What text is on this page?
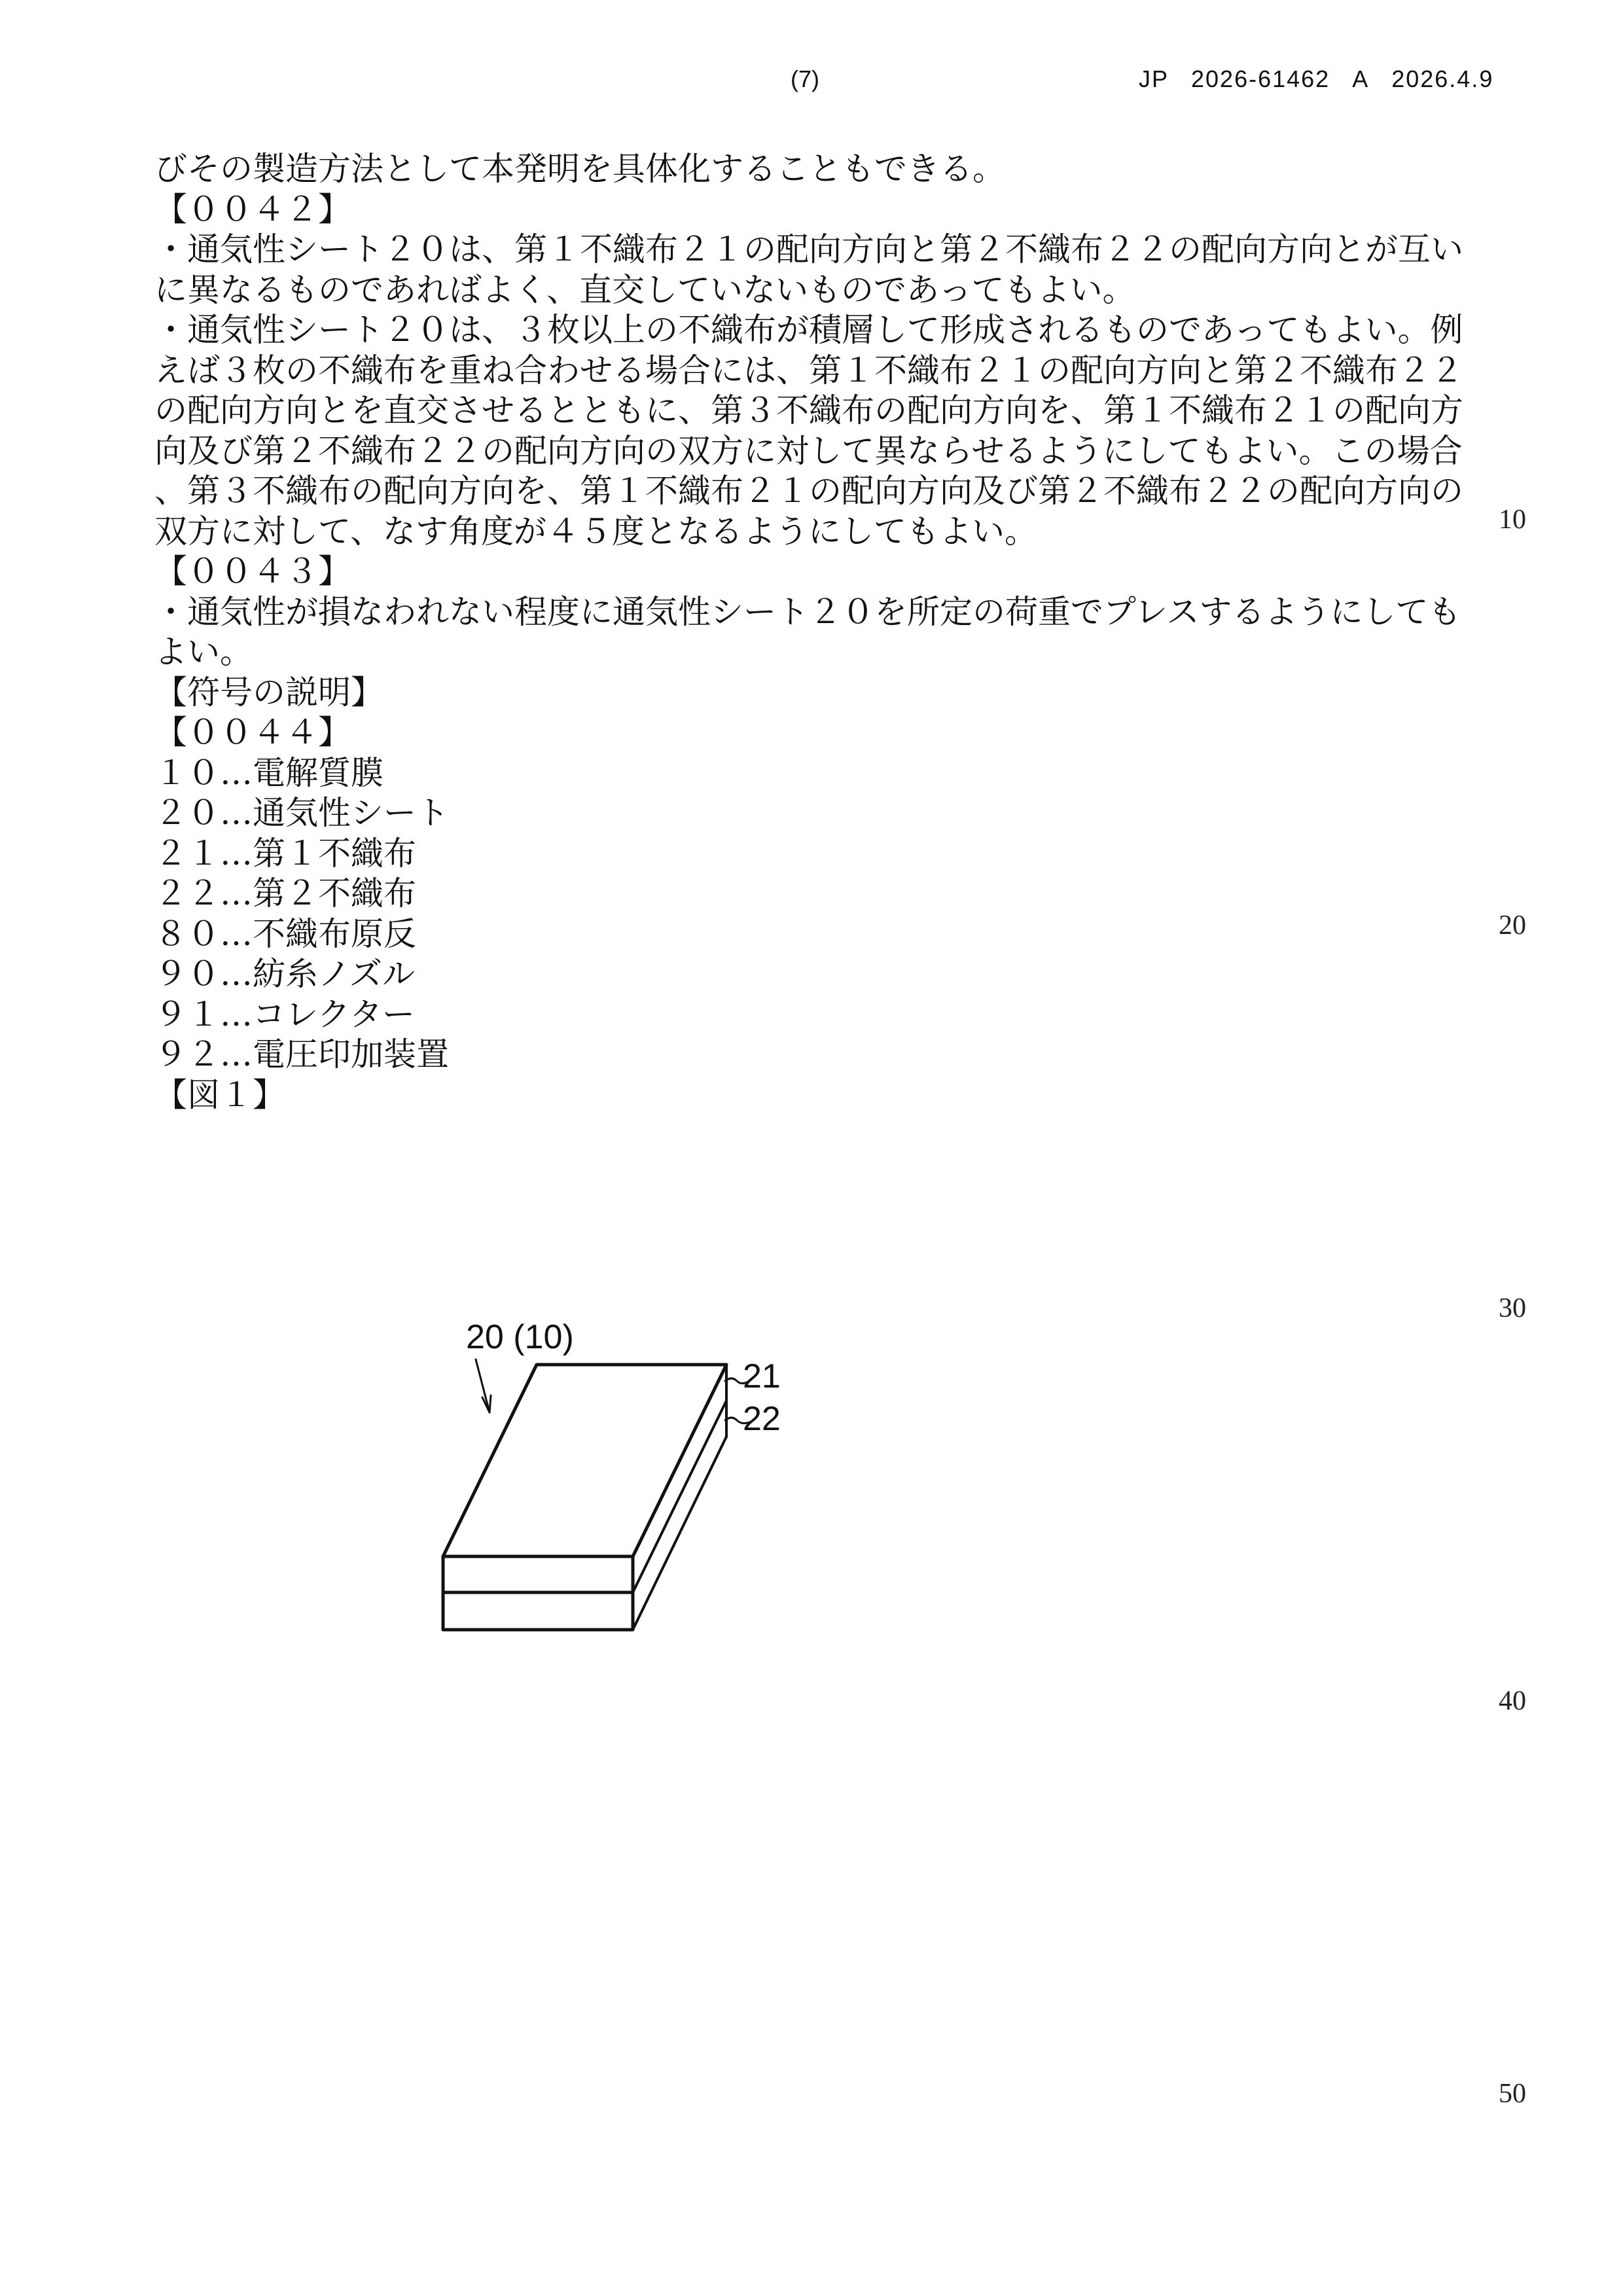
(7)	JP 2026-61462 A 2026.4.9

びその製造方法として本発明を具体化することもできる。

【００４２】

・通気性シート２０は、第１不織布２１の配向方向と第２不織布２２の配向方向とが互い

に異なるものであればよく、直交していないものであってもよい。

・通気性シート２０は、３枚以上の不織布が積層して形成されるものであってもよい。例

えば３枚の不織布を重ね合わせる場合には、第１不織布２１の配向方向と第２不織布２２

の配向方向とを直交させるとともに、第３不織布の配向方向を、第１不織布２１の配向方

向及び第２不織布２２の配向方向の双方に対して異ならせるようにしてもよい。この場合

、第３不織布の配向方向を、第１不織布２１の配向方向及び第２不織布２２の配向方向の

双方に対して、なす角度が４５度となるようにしてもよい。

【００４３】

・通気性が損なわれない程度に通気性シート２０を所定の荷重でプレスするようにしても

よい。

【符号の説明】

【００４４】

１０…電解質膜

２０…通気性シート

２１…第１不織布

２２…第２不織布

８０…不織布原反

９０…紡糸ノズル

９１…コレクター

９２…電圧印加装置

【図１】

10
20
30
40
50
20 (10)
21
22
